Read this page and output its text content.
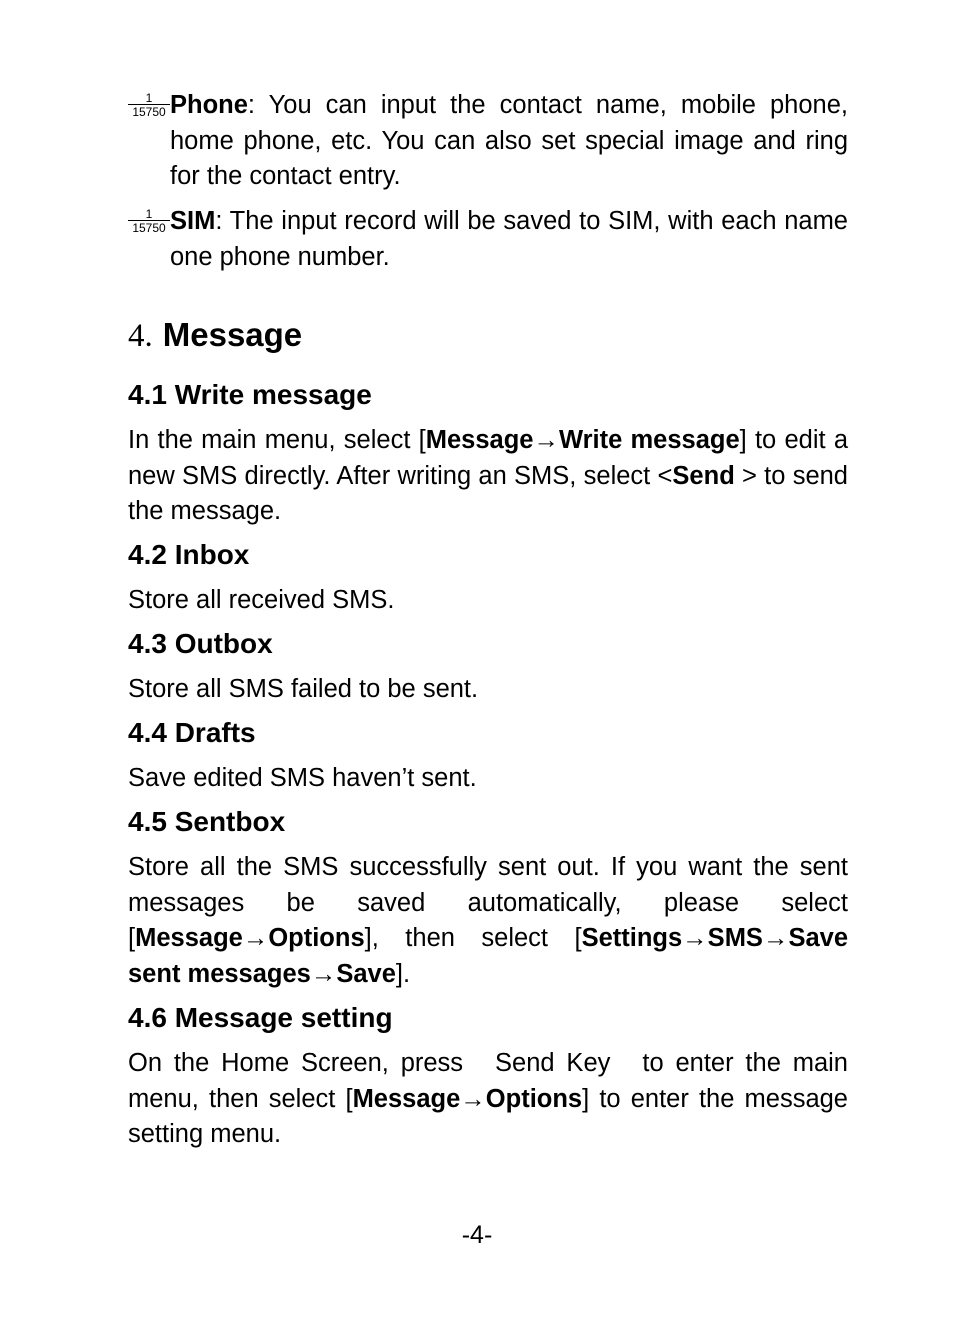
$\frac{1}{15750}$ Phone: You can input the contact name, mobile phone, home phone, etc. You can also set special image and ring for the contact entry.
$\frac{1}{15750}$ SIM: The input record will be saved to SIM, with each name one phone number.
4. Message
4.1 Write message
In the main menu, select [Message→Write message] to edit a new SMS directly. After writing an SMS, select <Send > to send the message.
4.2 Inbox
Store all received SMS.
4.3 Outbox
Store all SMS failed to be sent.
4.4 Drafts
Save edited SMS haven’t sent.
4.5 Sentbox
Store all the SMS successfully sent out. If you want the sent messages be saved automatically, please select [Message→Options], then select [Settings→SMS→Save sent messages→Save].
4.6 Message setting
On the Home Screen, press Send Key to enter the main menu, then select [Message→Options] to enter the message setting menu.
-4-
